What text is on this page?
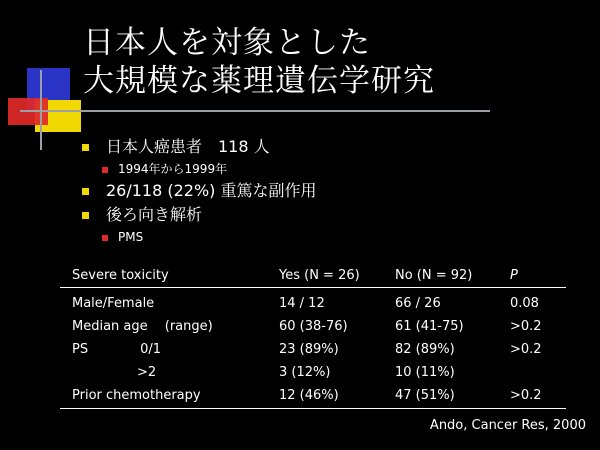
日本人を対象とした
大規模な薬理遺伝学研究
日本人癌患者　118 人
1994年から1999年
26/118 (22%) 重篤な副作用
後ろ向き解析
PMS
Severe toxicity	Yes (N = 26)	No (N = 92)	P
Male/Female	14 / 12	66 / 26	0.08
Median age　 (range)	60 (38-76)	61 (41-75)	>0.2
PS　　　　0/1	23 (89%)	82 (89%)	>0.2
　　　　　>2	3 (12%)	10 (11%)
Prior chemotherapy	12 (46%)	47 (51%)	>0.2
Ando, Cancer Res, 2000
